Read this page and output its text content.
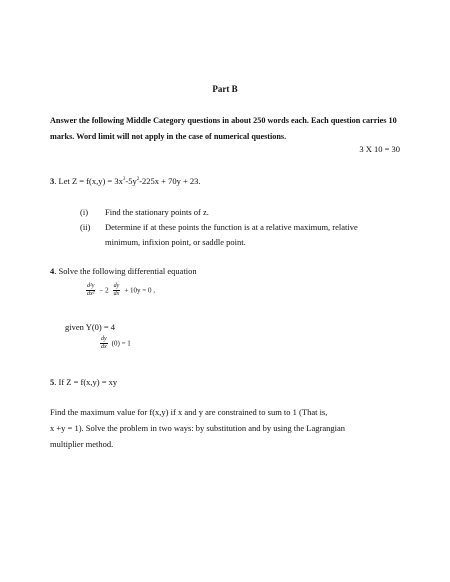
Part B
Answer the following Middle Category questions in about 250 words each. Each question carries 10 marks. Word limit will not apply in the case of numerical questions.
3 X 10 = 30
3. Let $Z = f(x,y) = 3x^3-5y^2-225x + 70y + 23$.
(i) Find the stationary points of z.
(ii) Determine if at these points the function is at a relative maximum, relative
minimum, infixion point, or saddle point.
4. Solve the following differential equation
$\frac{\text{d²y}}{\text{dx²}} - 2 \frac{dy}{dx} + 10y = 0$ ,
given Y(0) = 4
$\frac{dy}{dx} (0) = 1$
5. If Z = f(x,y) = xy
Find the maximum value for f(x,y) if x and y are constrained to sum to 1 (That is,
x +y = 1). Solve the problem in two ways: by substitution and by using the Lagrangian
multiplier method.
